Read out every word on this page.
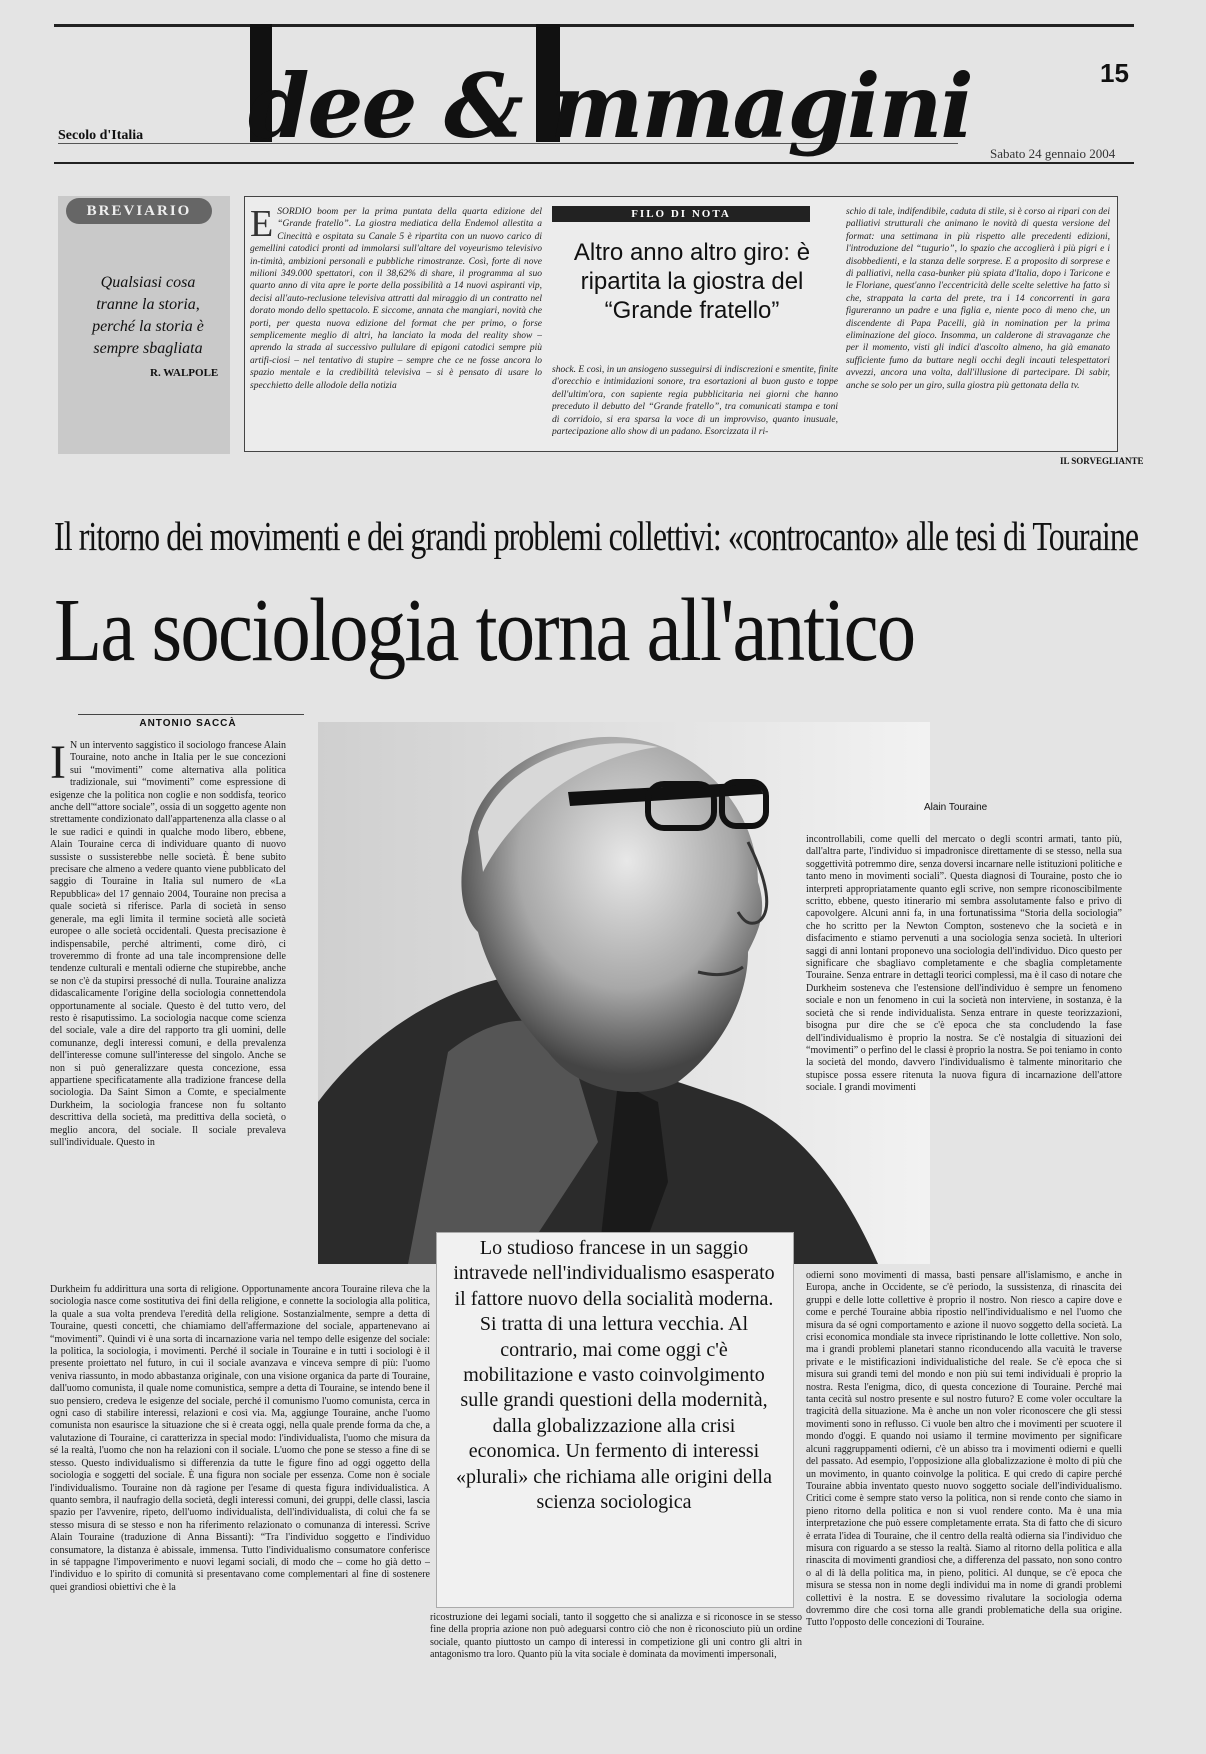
dee & mmagini
Secolo d'Italia
15
Sabato 24 gennaio 2004
BREVIARIO
Qualsiasi cosa tranne la storia, perché la storia è sempre sbagliata
R. WALPOLE
ESORDIO boom per la prima puntata della quarta edizione del “Grande fratello”. La giostra mediatica della Endemol allestita a Cinecittà e ospitata su Canale 5 è ripartita con un nuovo carico di gemellini catodici pronti ad immolarsi sull'altare del voyeurismo televisivo in-timità, ambizioni personali e pubbliche rimostranze. Così, forte di nove milioni 349.000 spettatori, con il 38,62% di share, il programma al suo quarto anno di vita apre le porte della possibilità a 14 nuovi aspiranti vip, decisi all'auto-reclusione televisiva attratti dal miraggio di un contratto nel dorato mondo dello spettacolo. E siccome, annata che mangiari, novità che porti, per questa nuova edizione del format che per primo, o forse semplicemente meglio di altri, ha lanciato la moda del reality show – aprendo la strada al successivo pullulare di epigoni catodici sempre più artifi-ciosi – nel tentativo di stupire – sempre che ce ne fosse ancora lo spazio mentale e la credibilità televisiva – si è pensato di usare lo specchietto delle allodole della notizia
FILO DI NOTA
Altro anno altro giro: è ripartita la giostra del “Grande fratello”
shock. E così, in un ansiogeno susseguirsi di indiscrezioni e smentite, finite d'orecchio e intimidazioni sonore, tra esortazioni al buon gusto e toppe dell'ultim'ora, con sapiente regia pubblicitaria nei giorni che hanno preceduto il debutto del “Grande fratello”, tra comunicati stampa e toni di corridoio, si era sparsa la voce di un improvviso, quanto inusuale, partecipazione allo show di un padano. Esorcizzata il ri-
schio di tale, indifendibile, caduta di stile, si è corso ai ripari con dei palliativi strutturali che animano le novità di questa versione del format: una settimana in più rispetto alle precedenti edizioni, l'introduzione del “tugurio”, lo spazio che accoglierà i più pigri e i disobbedienti, e la stanza delle sorprese. E a proposito di sorprese e di palliativi, nella casa-bunker più spiata d'Italia, dopo i Taricone e le Floriane, quest'anno l'eccentricità delle scelte selettive ha fatto sì che, strappata la carta del prete, tra i 14 concorrenti in gara figureranno un padre e una figlia e, niente poco di meno che, un discendente di Papa Pacelli, già in nomination per la prima eliminazione del gioco. Insomma, un calderone di stravaganze che per il momento, visti gli indici d'ascolto almeno, ha già emanato sufficiente fumo da buttare negli occhi degli incauti telespettatori avvezzi, ancora una volta, dall'illusione di partecipare. Di sabir, anche se solo per un giro, sulla giostra più gettonata della tv.
IL SORVEGLIANTE
Il ritorno dei movimenti e dei grandi problemi collettivi: «controcanto» alle tesi di Touraine
La sociologia torna all'antico
ANTONIO SACCÀ
I N un intervento saggistico il sociologo francese Alain Touraine, noto anche in Italia per le sue concezioni sui “movimenti” come alternativa alla politica tradizionale, sui “movimenti” come espressione di esigenze che la politica non coglie e non soddisfa, teorico anche dell'“attore sociale”, ossia di un soggetto agente non strettamente condizionato dall'appartenenza alla classe o al le sue radici e quindi in qualche modo libero, ebbene, Alain Touraine cerca di individuare quanto di nuovo sussiste o sussisterebbe nelle società. È bene subito precisare che almeno a vedere quanto viene pubblicato del saggio di Touraine in Italia sul numero de «La Repubblica» del 17 gennaio 2004, Touraine non precisa a quale società si riferisce. Parla di società in senso generale, ma egli limita il termine società alle società europee o alle società occidentali. Questa precisazione è indispensabile, perché altrimenti, come dirò, ci troveremmo di fronte ad una tale incomprensione delle tendenze culturali e mentali odierne che stupirebbe, anche se non c'è da stupirsi pressoché di nulla. Touraine analizza didascalicamente l'origine della sociologia connettendola opportunamente al sociale. Questo è del tutto vero, del resto è risaputissimo. La sociologia nacque come scienza del sociale, vale a dire del rapporto tra gli uomini, delle comunanze, degli interessi comuni, e della prevalenza dell'interesse comune sull'interesse del singolo. Anche se non si può generalizzare questa concezione, essa appartiene specificatamente alla tradizione francese della sociologia. Da Saint Simon a Comte, e specialmente Durkheim, la sociologia francese non fu soltanto descrittiva della società, ma predittiva della società, o meglio ancora, del sociale. Il sociale prevaleva sull'individuale. Questo in
Alain Touraine
incontrollabili, come quelli del mercato o degli scontri armati, tanto più, dall'altra parte, l'individuo si impadronisce direttamente di se stesso, nella sua soggettività potremmo dire, senza doversi incarnare nelle istituzioni politiche e tanto meno in movimenti sociali”. Questa diagnosi di Touraine, posto che io interpreti appropriatamente quanto egli scrive, non sempre riconoscibilmente scritto, ebbene, questo itinerario mi sembra assolutamente falso e privo di capovolgere. Alcuni anni fa, in una fortunatissima “Storia della sociologia” che ho scritto per la Newton Compton, sostenevo che la società e in disfacimento e stiamo pervenuti a una sociologia senza società. In ulteriori saggi di anni lontani proponevo una sociologia dell'individuo. Dico questo per significare che sbagliavo completamente e che sbaglia completamente Touraine. Senza entrare in dettagli teorici complessi, ma è il caso di notare che Durkheim sosteneva che l'estensione dell'individuo è sempre un fenomeno sociale e non un fenomeno in cui la società non interviene, in sostanza, è la società che si rende individualista. Senza entrare in queste teorizzazioni, bisogna pur dire che se c'è epoca che sta concludendo la fase dell'individualismo è proprio la nostra. Se c'è nostalgia di situazioni dei “movimenti” o perfino del le classi è proprio la nostra. Se poi teniamo in conto la società del mondo, davvero l'individualismo è talmente minoritario che stupisce possa essere ritenuta la nuova figura di incarnazione dell'attore sociale. I grandi movimenti
Durkheim fu addirittura una sorta di religione. Opportunamente ancora Touraine rileva che la sociologia nasce come sostitutiva dei fini della religione, e connette la sociologia alla politica, la quale a sua volta prendeva l'eredità della religione. Sostanzialmente, sempre a detta di Touraine, questi concetti, che chiamiamo dell'affermazione del sociale, appartenevano ai “movimenti”. Quindi vi è una sorta di incarnazione varia nel tempo delle esigenze del sociale: la politica, la sociologia, i movimenti. Perché il sociale in Touraine e in tutti i sociologi è il presente proiettato nel futuro, in cui il sociale avanzava e vinceva sempre di più: l'uomo veniva riassunto, in modo abbastanza originale, con una visione organica da parte di Touraine, dall'uomo comunista, il quale nome comunistica, sempre a detta di Touraine, se intendo bene il suo pensiero, credeva le esigenze del sociale, perché il comunismo l'uomo comunista, cerca in ogni caso di stabilire interessi, relazioni e così via. Ma, aggiunge Touraine, anche l'uomo comunista non esaurisce la situazione che si è creata oggi, nella quale prende forma da che, a valutazione di Touraine, ci caratterizza in special modo: l'individualista, l'uomo che misura da sé la realtà, l'uomo che non ha relazioni con il sociale. L'uomo che pone se stesso a fine di se stesso. Questo individualismo si differenzia da tutte le figure fino ad oggi oggetto della sociologia e soggetti del sociale. È una figura non sociale per essenza. Come non è sociale l'individualismo. Touraine non dà ragione per l'esame di questa figura individualistica. A quanto sembra, il naufragio della società, degli interessi comuni, dei gruppi, delle classi, lascia spazio per l'avvenire, ripeto, dell'uomo individualista, dell'individualista, di colui che fa se stesso misura di se stesso e non ha riferimento relazionato o comunanza di interessi. Scrive Alain Touraine (traduzione di Anna Bissanti): “Tra l'individuo soggetto e l'individuo consumatore, la distanza è abissale, immensa. Tutto l'individualismo consumatore conferisce in sé tappagne l'impoverimento e nuovi legami sociali, di modo che – come ho già detto – l'individuo e lo spirito di comunità si presentavano come complementari al fine di sostenere quei grandiosi obiettivi che è la
Lo studioso francese in un saggio intravede nell'individualismo esasperato il fattore nuovo della socialità moderna. Si tratta di una lettura vecchia. Al contrario, mai come oggi c'è mobilitazione e vasto coinvolgimento sulle grandi questioni della modernità, dalla globalizzazione alla crisi economica. Un fermento di interessi «plurali» che richiama alle origini della scienza sociologica
ricostruzione dei legami sociali, tanto il soggetto che si analizza e si riconosce in se stesso fine della propria azione non può adeguarsi contro ciò che non è riconosciuto più un ordine sociale, quanto piuttosto un campo di interessi in competizione gli uni contro gli altri in antagonismo tra loro. Quanto più la vita sociale è dominata da movimenti impersonali,
odierni sono movimenti di massa, basti pensare all'islamismo, e anche in Europa, anche in Occidente, se c'è periodo, la sussistenza, di rinascita dei gruppi e delle lotte collettive è proprio il nostro. Non riesco a capire dove e come e perché Touraine abbia ripostio nell'individualismo e nel l'uomo che misura da sé ogni comportamento e azione il nuovo soggetto della società. La crisi economica mondiale sta invece ripristinando le lotte collettive. Non solo, ma i grandi problemi planetari stanno riconducendo alla vacuità le traverse private e le mistificazioni individualistiche del reale. Se c'è epoca che si misura sui grandi temi del mondo e non più sui temi individuali è proprio la nostra. Resta l'enigma, dico, di questa concezione di Touraine. Perché mai tanta cecità sul nostro presente e sul nostro futuro? E come voler occultare la tragicità della situazione. Ma è anche un non voler riconoscere che gli stessi movimenti sono in reflusso. Ci vuole ben altro che i movimenti per scuotere il mondo d'oggi. E quando noi usiamo il termine movimento per significare alcuni raggruppamenti odierni, c'è un abisso tra i movimenti odierni e quelli del passato. Ad esempio, l'opposizione alla globalizzazione è molto di più che un movimento, in quanto coinvolge la politica. E qui credo di capire perché Touraine abbia inventato questo nuovo soggetto sociale dell'individualismo. Critici come è sempre stato verso la politica, non si rende conto che siamo in pieno ritorno della politica e non si vuol rendere conto. Ma è una mia interpretazione che può essere completamente errata. Sta di fatto che di sicuro è errata l'idea di Touraine, che il centro della realtà odierna sia l'individuo che misura con riguardo a se stesso la realtà. Siamo al ritorno della politica e alla rinascita di movimenti grandiosi che, a differenza del passato, non sono contro o al di là della politica ma, in pieno, politici. Al dunque, se c'è epoca che misura se stessa non in nome degli individui ma in nome di grandi problemi collettivi è la nostra. E se dovessimo rivalutare la sociologia oderna dovremmo dire che così torna alle grandi problematiche della sua origine. Tutto l'opposto delle concezioni di Touraine.
